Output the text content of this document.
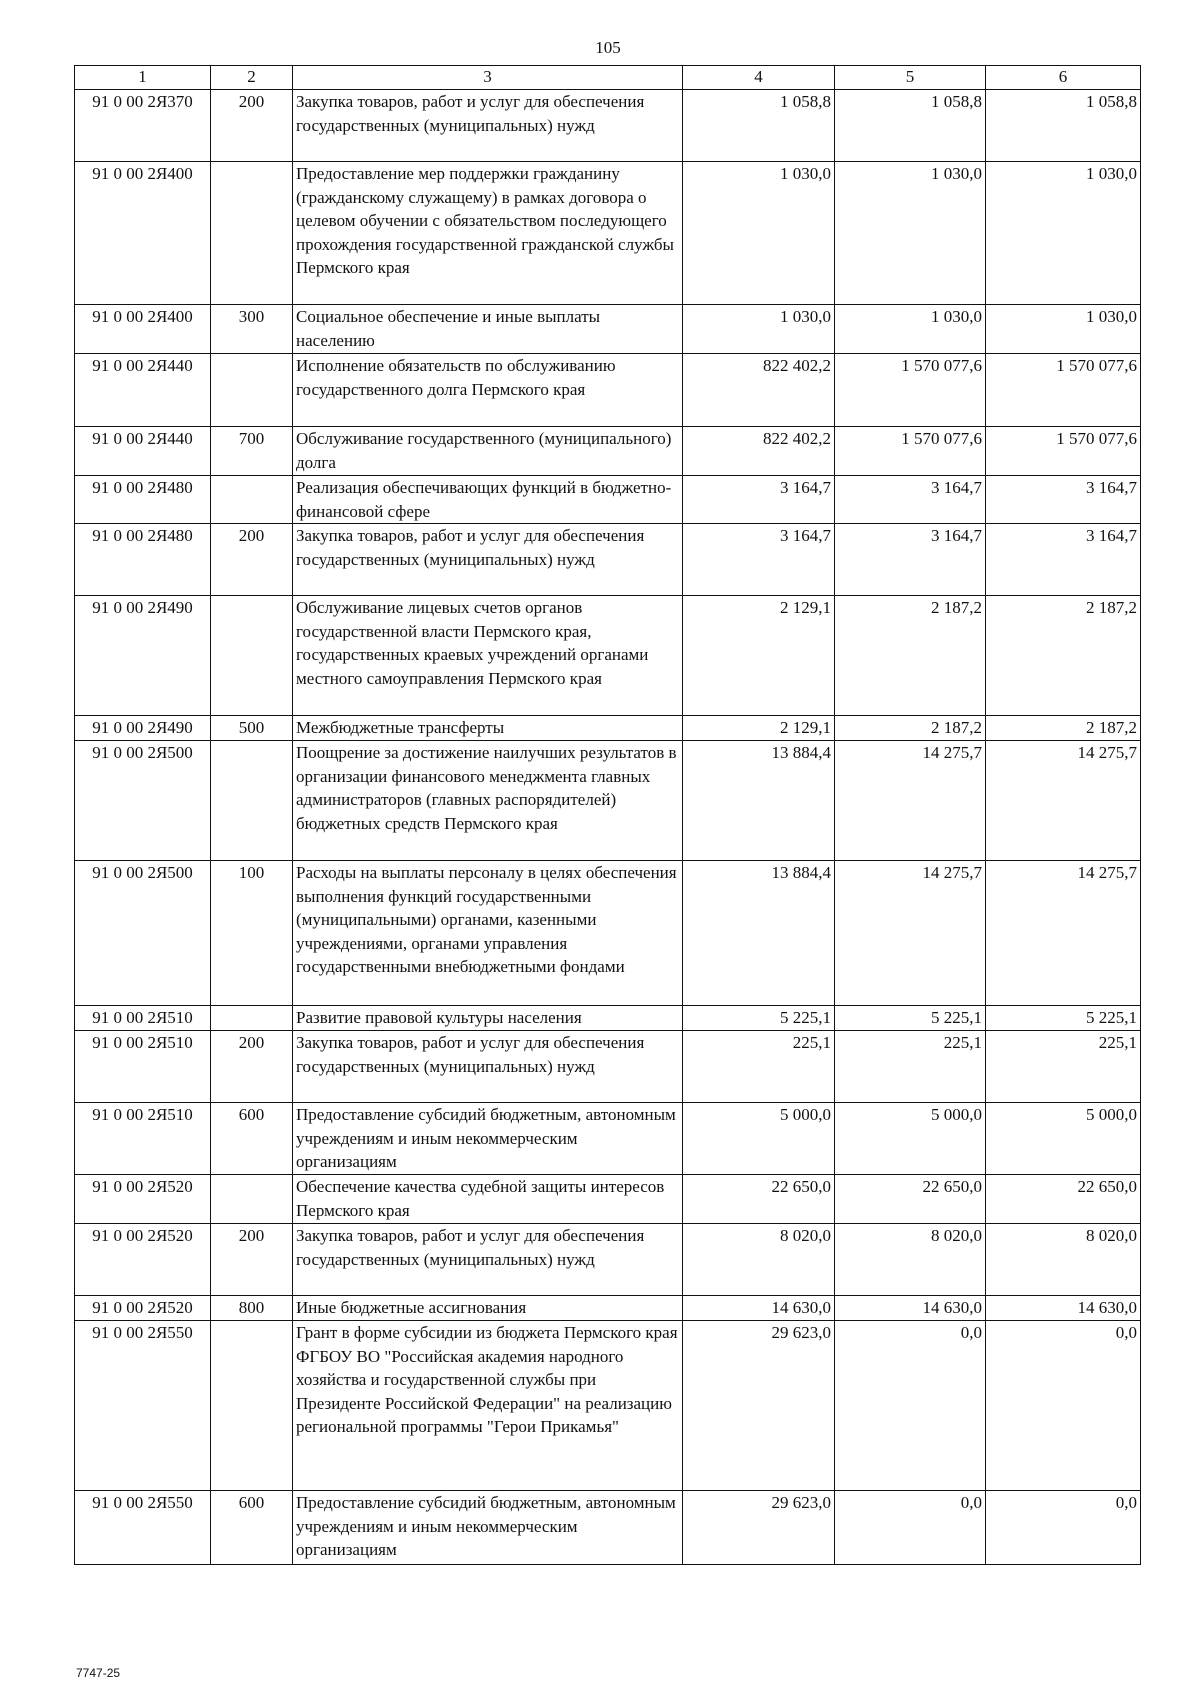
105
1	2	3	4	5	6
91 0 00 2Я370	200	Закупка товаров, работ и услуг для обеспечения государственных (муниципальных) нужд	1 058,8	1 058,8	1 058,8
91 0 00 2Я400		Предоставление мер поддержки гражданину (гражданскому служащему) в рамках договора о целевом обучении с обязательством последующего прохождения государственной гражданской службы Пермского края	1 030,0	1 030,0	1 030,0
91 0 00 2Я400	300	Социальное обеспечение и иные выплаты населению	1 030,0	1 030,0	1 030,0
91 0 00 2Я440		Исполнение обязательств по обслуживанию государственного долга Пермского края	822 402,2	1 570 077,6	1 570 077,6
91 0 00 2Я440	700	Обслуживание государственного (муниципального) долга	822 402,2	1 570 077,6	1 570 077,6
91 0 00 2Я480		Реализация обеспечивающих функций в бюджетно-финансовой сфере	3 164,7	3 164,7	3 164,7
91 0 00 2Я480	200	Закупка товаров, работ и услуг для обеспечения государственных (муниципальных) нужд	3 164,7	3 164,7	3 164,7
91 0 00 2Я490		Обслуживание лицевых счетов органов государственной власти Пермского края, государственных краевых учреждений органами местного самоуправления Пермского края	2 129,1	2 187,2	2 187,2
91 0 00 2Я490	500	Межбюджетные трансферты	2 129,1	2 187,2	2 187,2
91 0 00 2Я500		Поощрение за достижение наилучших результатов в организации финансового менеджмента главных администраторов (главных распорядителей) бюджетных средств Пермского края	13 884,4	14 275,7	14 275,7
91 0 00 2Я500	100	Расходы на выплаты персоналу в целях обеспечения выполнения функций государственными (муниципальными) органами, казенными учреждениями, органами управления государственными внебюджетными фондами	13 884,4	14 275,7	14 275,7
91 0 00 2Я510		Развитие правовой культуры населения	5 225,1	5 225,1	5 225,1
91 0 00 2Я510	200	Закупка товаров, работ и услуг для обеспечения государственных (муниципальных) нужд	225,1	225,1	225,1
91 0 00 2Я510	600	Предоставление субсидий бюджетным, автономным учреждениям и иным некоммерческим организациям	5 000,0	5 000,0	5 000,0
91 0 00 2Я520		Обеспечение качества судебной защиты интересов Пермского края	22 650,0	22 650,0	22 650,0
91 0 00 2Я520	200	Закупка товаров, работ и услуг для обеспечения государственных (муниципальных) нужд	8 020,0	8 020,0	8 020,0
91 0 00 2Я520	800	Иные бюджетные ассигнования	14 630,0	14 630,0	14 630,0
91 0 00 2Я550		Грант в форме субсидии из бюджета Пермского края ФГБОУ ВО "Российская академия народного хозяйства и государственной службы при Президенте Российской Федерации" на реализацию региональной программы "Герои Прикамья"	29 623,0	0,0	0,0
91 0 00 2Я550	600	Предоставление субсидий бюджетным, автономным учреждениям и иным некоммерческим организациям	29 623,0	0,0	0,0
7747-25
